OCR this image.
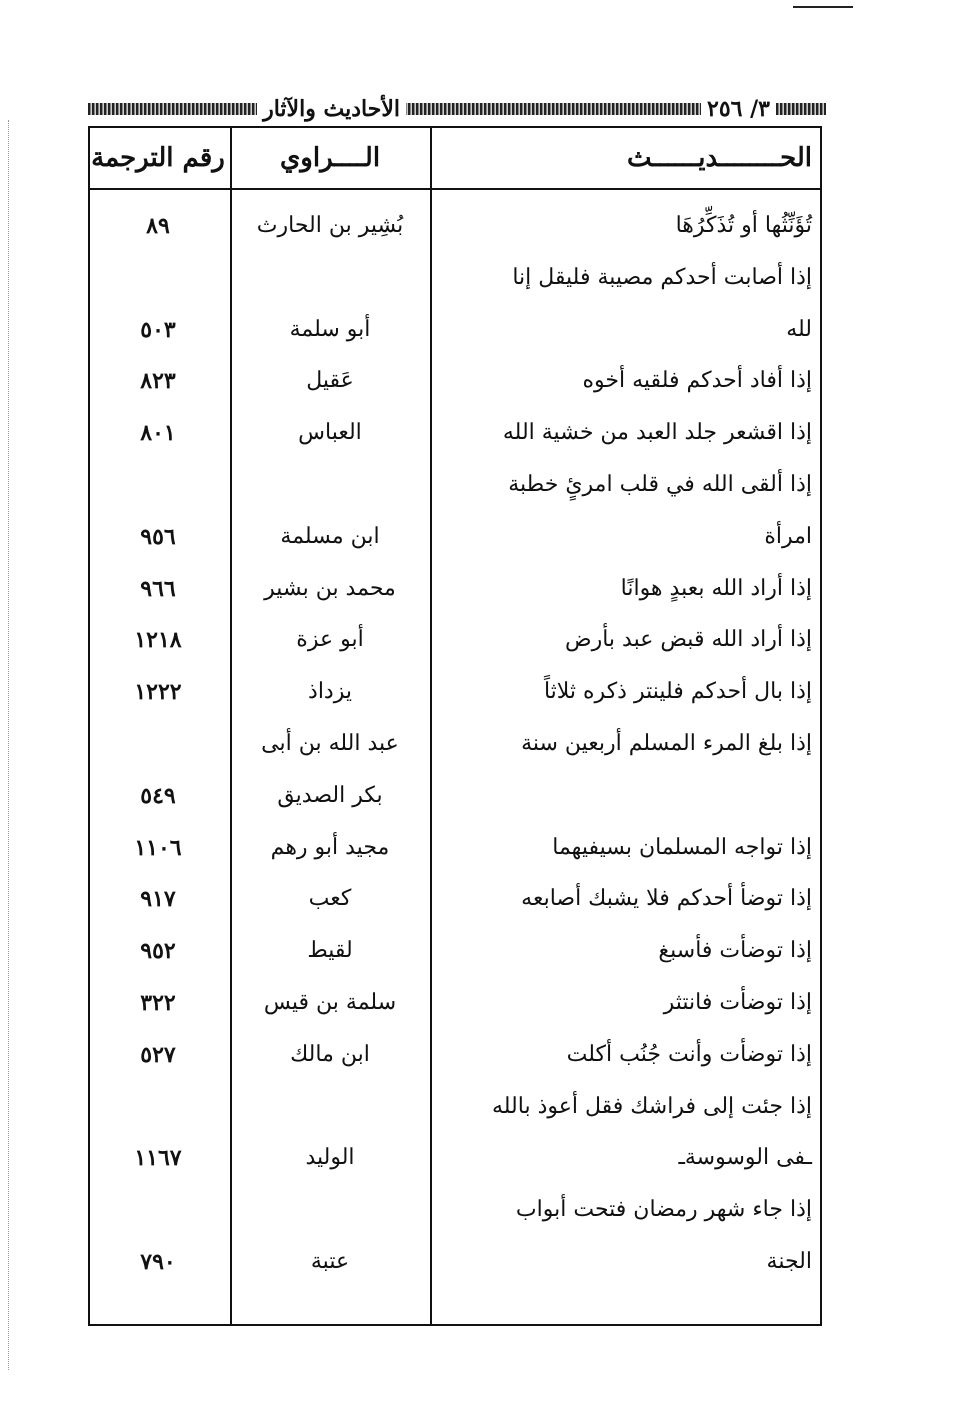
٣/ ٢٥٦
الأحاديث والآثار
الحــــــــديــــــث
الــــراوي
رقم الترجمة
تُؤَنِّثُها أو تُذَكِّرُهَا
بُشِير بن الحارث
٨٩
إذا أصابت أحدكم مصيبة فليقل إنا
لله
أبو سلمة
٥٠٣
إذا أفاد أحدكم فلقيه أخوه
عَقيل
٨٢٣
إذا اقشعر جلد العبد من خشية الله
العباس
٨٠١
إذا ألقى الله في قلب امرئٍ خطبة
امرأة
ابن مسلمة
٩٥٦
إذا أراد الله بعبدٍ هوانًا
محمد بن بشير
٩٦٦
إذا أراد الله قبض عبد بأرض
أبو عزة
١٢١٨
إذا بال أحدكم فلينتر ذكره ثلاثاً
يزداذ
١٢٢٢
إذا بلغ المرء المسلم أربعين سنة
عبد الله بن أبى
بكر الصديق
٥٤٩
إذا تواجه المسلمان بسيفيهما
مجيد أبو رهم
١١٠٦
إذا توضأ أحدكم فلا يشبك أصابعه
كعب
٩١٧
إذا توضأت فأسبغ
لقيط
٩٥٢
إذا توضأت فانتثر
سلمة بن قيس
٣٢٢
إذا توضأت وأنت جُنُب أكلت
ابن مالك
٥٢٧
إذا جئت إلى فراشك فقل أعوذ بالله
ـفى الوسوسةـ
الوليد
١١٦٧
إذا جاء شهر رمضان فتحت أبواب
الجنة
عتبة
٧٩٠
